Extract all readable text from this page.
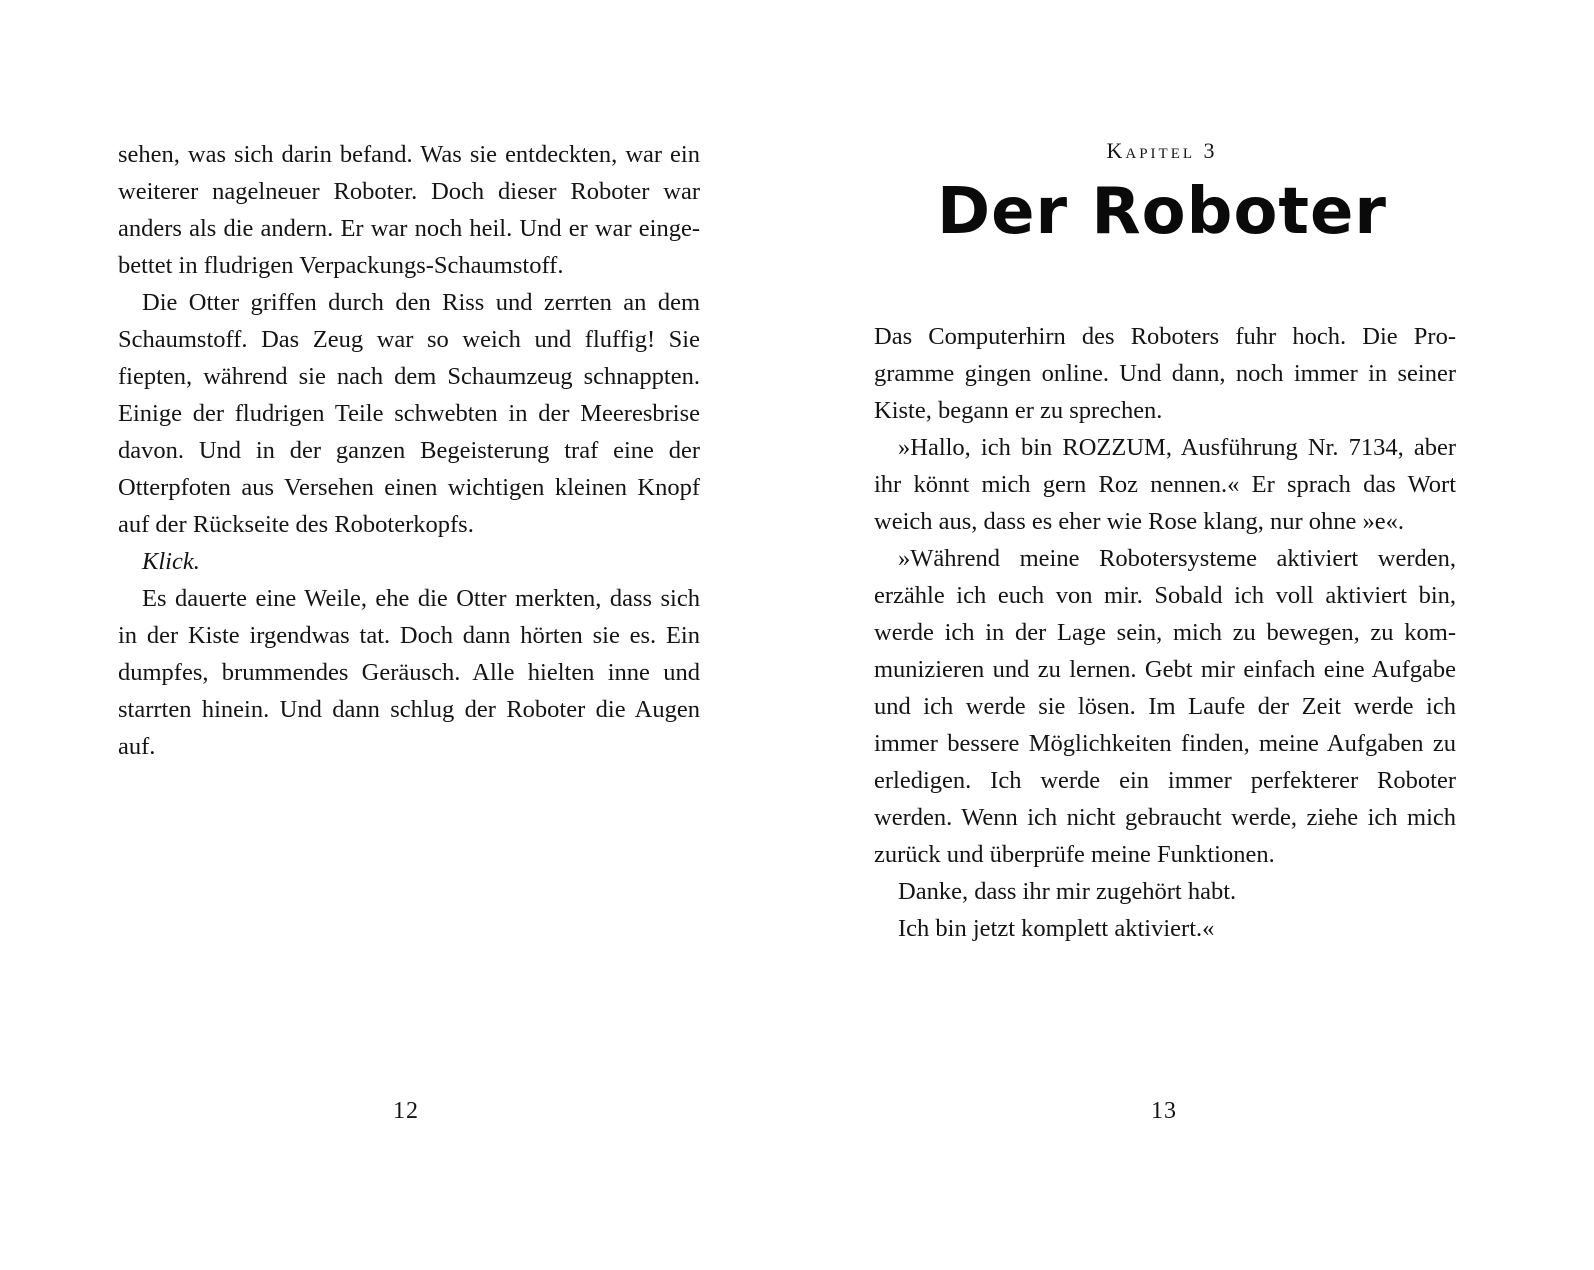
sehen, was sich darin befand. Was sie entdeckten, war ein weiterer nagelneuer Roboter. Doch dieser Roboter war anders als die andern. Er war noch heil. Und er war eingebettet in fludrigen Verpackungs-Schaumstoff.

Die Otter griffen durch den Riss und zerrten an dem Schaumstoff. Das Zeug war so weich und fluffig! Sie fiepten, während sie nach dem Schaumzeug schnappten. Einige der fludrigen Teile schwebten in der Meeresbrise davon. Und in der ganzen Begeisterung traf eine der Otterpfoten aus Versehen einen wichtigen kleinen Knopf auf der Rückseite des Roboterkopfs.

Klick.

Es dauerte eine Weile, ehe die Otter merkten, dass sich in der Kiste irgendwas tat. Doch dann hörten sie es. Ein dumpfes, brummendes Geräusch. Alle hielten inne und starrten hinein. Und dann schlug der Roboter die Augen auf.

12
Kapitel 3
Der Roboter

Das Computerhirn des Roboters fuhr hoch. Die Programme gingen online. Und dann, noch immer in seiner Kiste, begann er zu sprechen.

»Hallo, ich bin ROZZUM, Ausführung Nr. 7134, aber ihr könnt mich gern Roz nennen.« Er sprach das Wort weich aus, dass es eher wie Rose klang, nur ohne »e«.

»Während meine Robotersysteme aktiviert werden, erzähle ich euch von mir. Sobald ich voll aktiviert bin, werde ich in der Lage sein, mich zu bewegen, zu kommunizieren und zu lernen. Gebt mir einfach eine Aufgabe und ich werde sie lösen. Im Laufe der Zeit werde ich immer bessere Möglichkeiten finden, meine Aufgaben zu erledigen. Ich werde ein immer perfekterer Roboter werden. Wenn ich nicht gebraucht werde, ziehe ich mich zurück und überprüfe meine Funktionen.

Danke, dass ihr mir zugehört habt.

Ich bin jetzt komplett aktiviert.«

13
